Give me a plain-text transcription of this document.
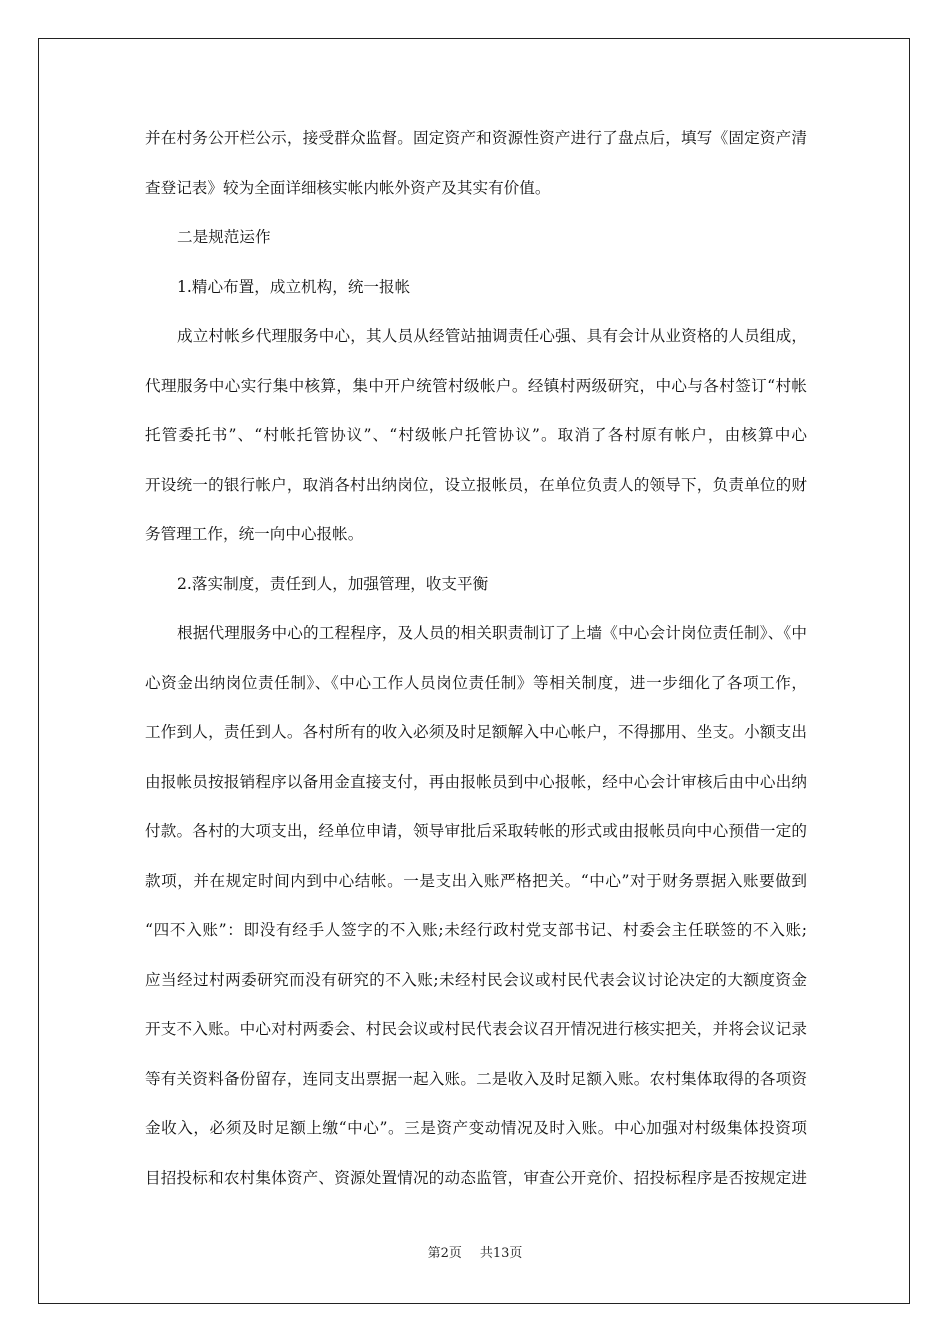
并在村务公开栏公示，接受群众监督。固定资产和资源性资产进行了盘点后，填写《固定资产清
查登记表》较为全面详细核实帐内帐外资产及其实有价值。
二是规范运作
1.精心布置，成立机构，统一报帐
成立村帐乡代理服务中心，其人员从经管站抽调责任心强、具有会计从业资格的人员组成，
代理服务中心实行集中核算，集中开户统管村级帐户。经镇村两级研究，中心与各村签订“村帐
托管委托书”、“村帐托管协议”、“村级帐户托管协议”。取消了各村原有帐户，由核算中心
开设统一的银行帐户，取消各村出纳岗位，设立报帐员，在单位负责人的领导下，负责单位的财
务管理工作，统一向中心报帐。
2.落实制度，责任到人，加强管理，收支平衡
根据代理服务中心的工程程序，及人员的相关职责制订了上墙《中心会计岗位责任制》、《中
心资金出纳岗位责任制》、《中心工作人员岗位责任制》等相关制度，进一步细化了各项工作，
工作到人，责任到人。各村所有的收入必须及时足额解入中心帐户，不得挪用、坐支。小额支出
由报帐员按报销程序以备用金直接支付，再由报帐员到中心报帐，经中心会计审核后由中心出纳
付款。各村的大项支出，经单位申请，领导审批后采取转帐的形式或由报帐员向中心预借一定的
款项，并在规定时间内到中心结帐。一是支出入账严格把关。“中心”对于财务票据入账要做到
“四不入账”：即没有经手人签字的不入账;未经行政村党支部书记、村委会主任联签的不入账;
应当经过村两委研究而没有研究的不入账;未经村民会议或村民代表会议讨论决定的大额度资金
开支不入账。中心对村两委会、村民会议或村民代表会议召开情况进行核实把关，并将会议记录
等有关资料备份留存，连同支出票据一起入账。二是收入及时足额入账。农村集体取得的各项资
金收入，必须及时足额上缴“中心”。三是资产变动情况及时入账。中心加强对村级集体投资项
目招投标和农村集体资产、资源处置情况的动态监管，审查公开竞价、招投标程序是否按规定进
第2页 共13页
